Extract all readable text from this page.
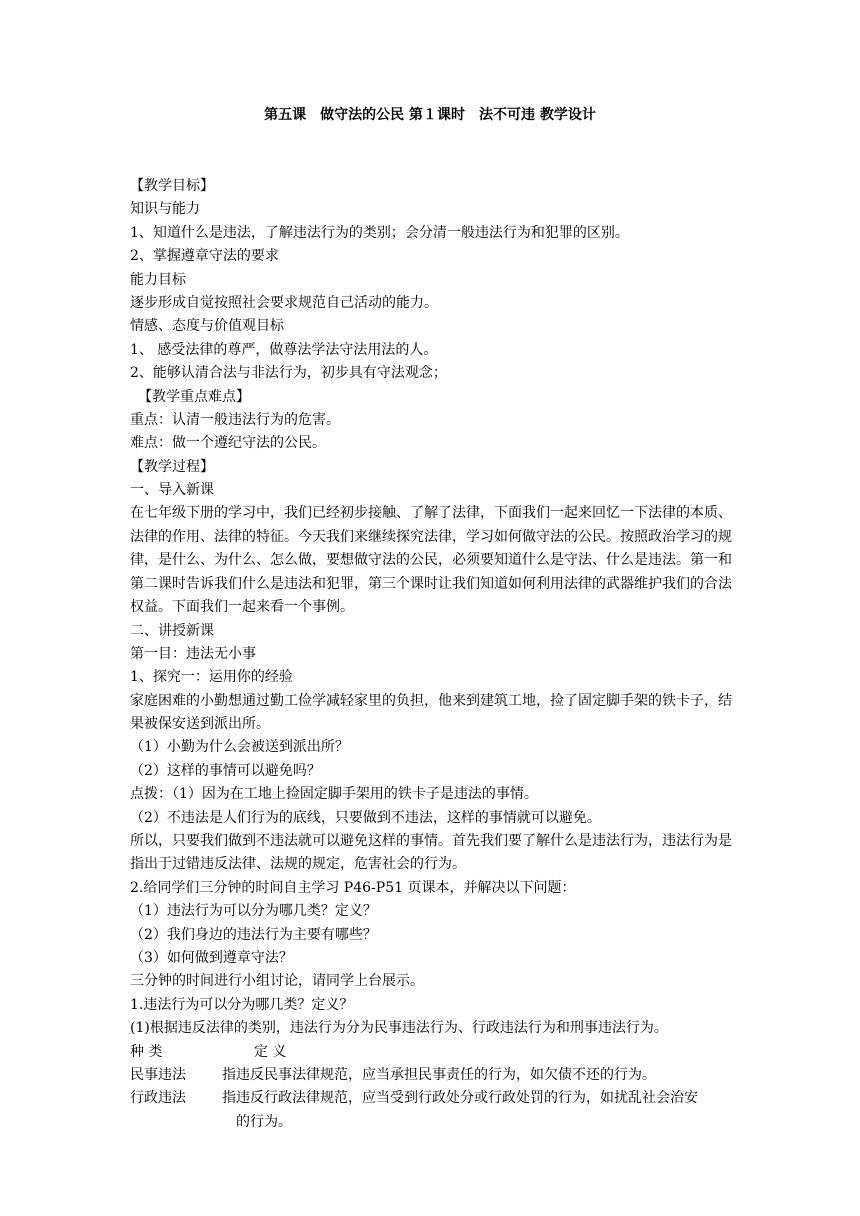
第五课　做守法的公民 第１课时　法不可违 教学设计
【教学目标】
知识与能力
1、知道什么是违法，了解违法行为的类别；会分清一般违法行为和犯罪的区别。
2、掌握遵章守法的要求
能力目标
逐步形成自觉按照社会要求规范自己活动的能力。
情感、态度与价值观目标
1、 感受法律的尊严，做尊法学法守法用法的人。
2、能够认清合法与非法行为，初步具有守法观念；
【教学重点难点】
重点：认清一般违法行为的危害。
难点：做一个遵纪守法的公民。
【教学过程】
一、导入新课
在七年级下册的学习中，我们已经初步接触、了解了法律，下面我们一起来回忆一下法律的本质、法律的作用、法律的特征。今天我们来继续探究法律，学习如何做守法的公民。按照政治学习的规律，是什么、为什么、怎么做，要想做守法的公民，必须要知道什么是守法、什么是违法。第一和第二课时告诉我们什么是违法和犯罪，第三个课时让我们知道如何利用法律的武器维护我们的合法权益。下面我们一起来看一个事例。
二、讲授新课
第一目：违法无小事
1、探究一：运用你的经验
家庭困难的小勤想通过勤工俭学减轻家里的负担，他来到建筑工地，捡了固定脚手架的铁卡子，结果被保安送到派出所。
（1）小勤为什么会被送到派出所？
（2）这样的事情可以避免吗？
点拨：（1）因为在工地上捡固定脚手架用的铁卡子是违法的事情。
（2）不违法是人们行为的底线，只要做到不违法，这样的事情就可以避免。
所以，只要我们做到不违法就可以避免这样的事情。首先我们要了解什么是违法行为，违法行为是指出于过错违反法律、法规的规定，危害社会的行为。
2.给同学们三分钟的时间自主学习 P46-P51 页课本，并解决以下问题：
（1）违法行为可以分为哪几类？定义？
（2）我们身边的违法行为主要有哪些？
（3）如何做到遵章守法？
三分钟的时间进行小组讨论，请同学上台展示。
1.违法行为可以分为哪几类？定义？
(1)根据违反法律的类别，违法行为分为民事违法行为、行政违法行为和刑事违法行为。
种 类	定 义
民事违法	指违反民事法律规范，应当承担民事责任的行为，如欠债不还的行为。
行政违法	指违反行政法律规范，应当受到行政处分或行政处罚的行为，如扰乱社会治安
的行为。
